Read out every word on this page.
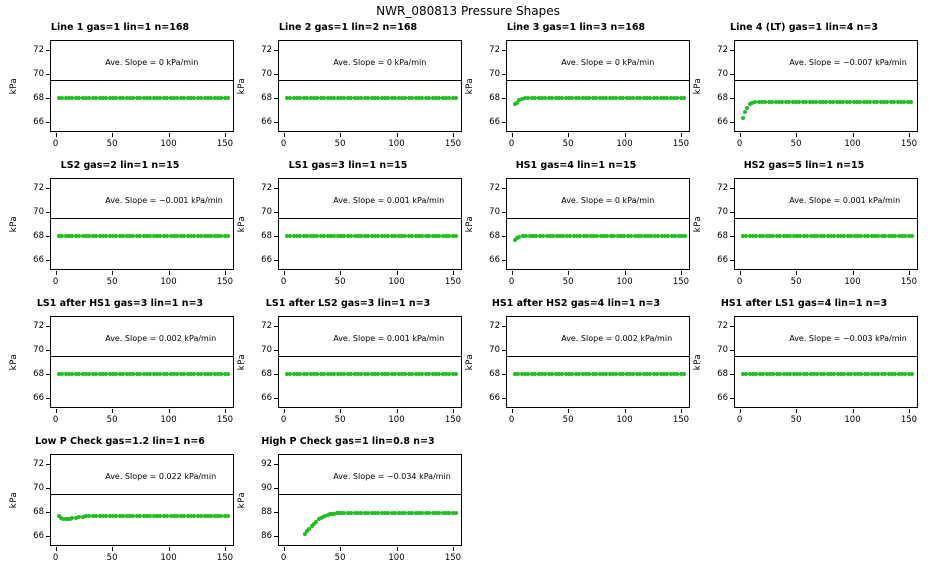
NWR_080813 Pressure Shapes
Line 1 gas=1 lin=1 n=168
Ave. Slope = 0 kPa/min
66
68
70
72
kPa
0	50	100	150
Line 2 gas=1 lin=2 n=168
Ave. Slope = 0 kPa/min
66
68
70
72
kPa
0	50	100	150
Line 3 gas=1 lin=3 n=168
Ave. Slope = 0 kPa/min
66
68
70
72
kPa
0	50	100	150
Line 4 (LT) gas=1 lin=4 n=3
Ave. Slope = −0.007 kPa/min
66
68
70
72
kPa
0	50	100	150
LS2 gas=2 lin=1 n=15
Ave. Slope = −0.001 kPa/min
66
68
70
72
kPa
0	50	100	150
LS1 gas=3 lin=1 n=15
Ave. Slope = 0.001 kPa/min
66
68
70
72
kPa
0	50	100	150
HS1 gas=4 lin=1 n=15
Ave. Slope = 0 kPa/min
66
68
70
72
kPa
0	50	100	150
HS2 gas=5 lin=1 n=15
Ave. Slope = 0.001 kPa/min
66
68
70
72
kPa
0	50	100	150
LS1 after HS1 gas=3 lin=1 n=3
Ave. Slope = 0.002 kPa/min
66
68
70
72
kPa
0	50	100	150
LS1 after LS2 gas=3 lin=1 n=3
Ave. Slope = 0.001 kPa/min
66
68
70
72
kPa
0	50	100	150
HS1 after HS2 gas=4 lin=1 n=3
Ave. Slope = 0.002 kPa/min
66
68
70
72
kPa
0	50	100	150
HS1 after LS1 gas=4 lin=1 n=3
Ave. Slope = −0.003 kPa/min
66
68
70
72
kPa
0	50	100	150
Low P Check gas=1.2 lin=1 n=6
Ave. Slope = 0.022 kPa/min
66
68
70
72
kPa
0	50	100	150
High P Check gas=1 lin=0.8 n=3
Ave. Slope = −0.034 kPa/min
86
88
90
92
kPa
0	50	100	150
